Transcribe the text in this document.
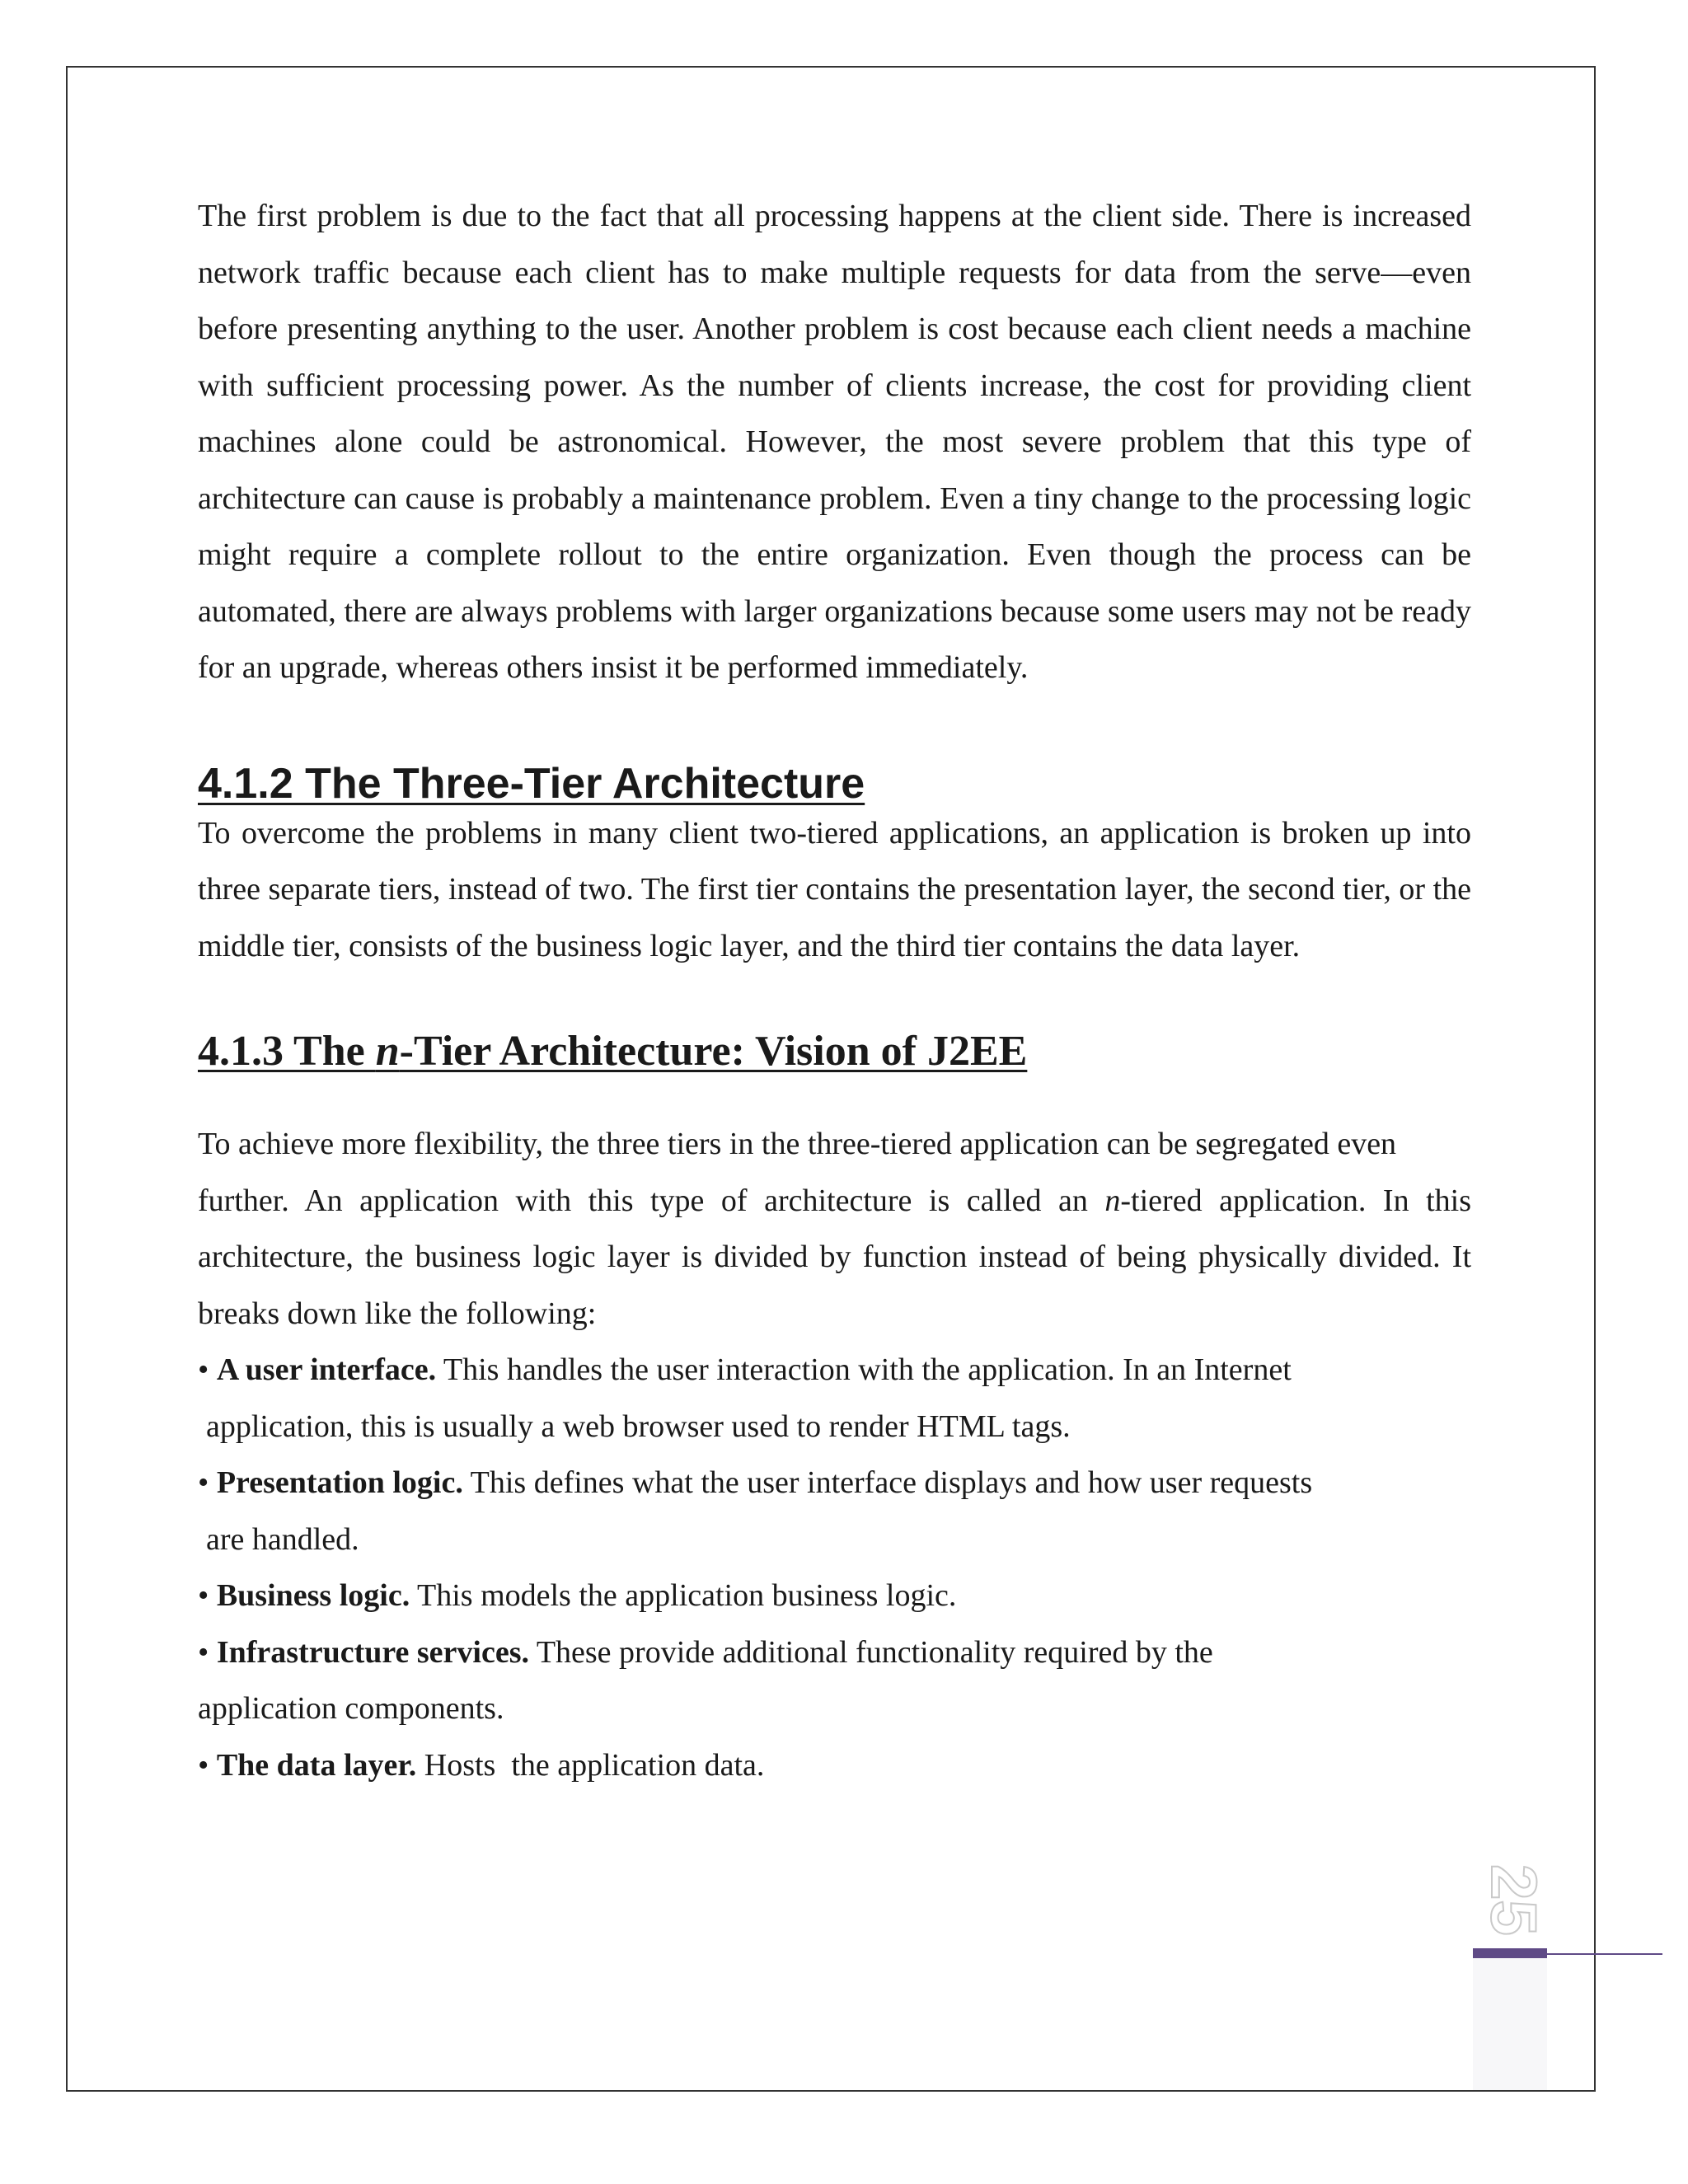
The first problem is due to the fact that all processing happens at the client side. There is increased network traffic because each client has to make multiple requests for data from the serve—even before presenting anything to the user. Another problem is cost because each client needs a machine with sufficient processing power. As the number of clients increase, the cost for providing client machines alone could be astronomical. However, the most severe problem that this type of architecture can cause is probably a maintenance problem. Even a tiny change to the processing logic might require a complete rollout to the entire organization. Even though the process can be automated, there are always problems with larger organizations because some users may not be ready for an upgrade, whereas others insist it be performed immediately.

4.1.2 The Three-Tier Architecture

To overcome the problems in many client two-tiered applications, an application is broken up into three separate tiers, instead of two. The first tier contains the presentation layer, the second tier, or the middle tier, consists of the business logic layer, and the third tier contains the data layer.

4.1.3 The n-Tier Architecture: Vision of J2EE

To achieve more flexibility, the three tiers in the three-tiered application can be segregated even

further. An application with this type of architecture is called an n-tiered application. In this architecture, the business logic layer is divided by function instead of being physically divided. It breaks down like the following:

• A user interface. This handles the user interaction with the application. In an Internet

application, this is usually a web browser used to render HTML tags.

• Presentation logic. This defines what the user interface displays and how user requests

are handled.

• Business logic. This models the application business logic.

• Infrastructure services. These provide additional functionality required by the

application components.

• The data layer. Hosts  the application data.

25
